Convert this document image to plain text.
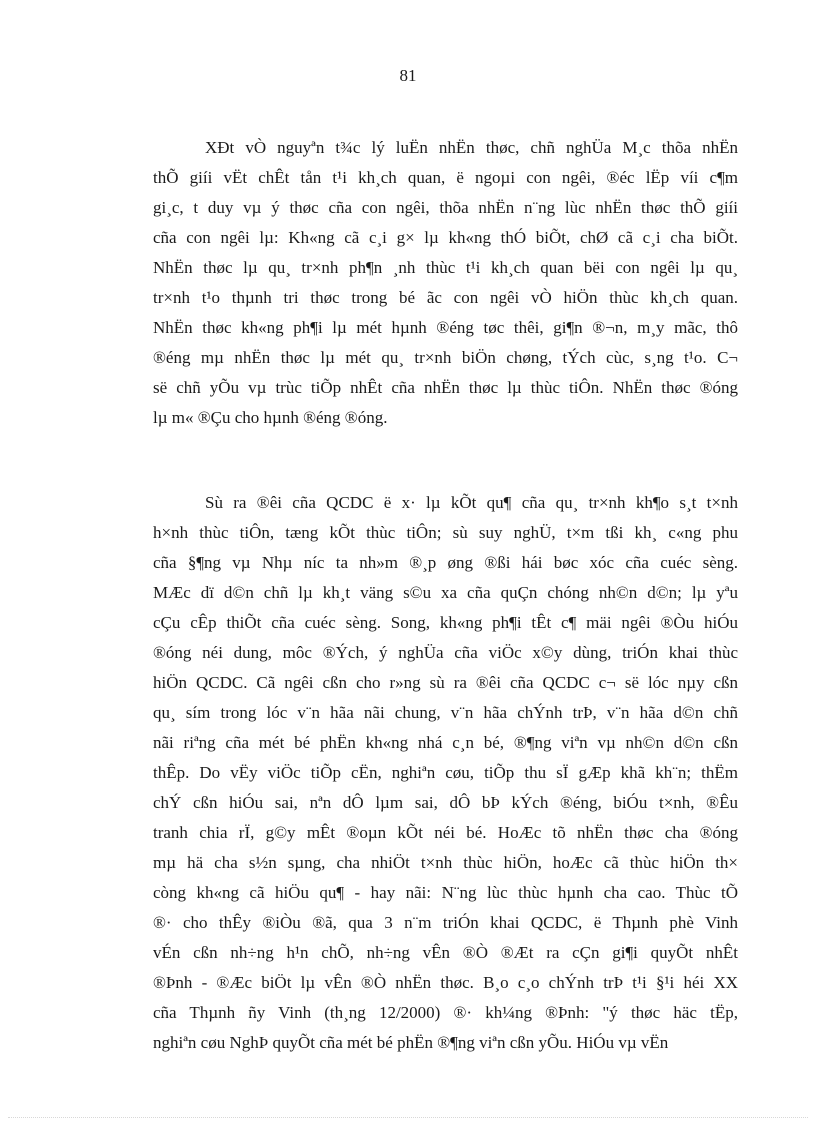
81
XĐt vÒ nguyªn t¾c lý luËn nhËn thøc, chñ nghÜa M¸c thõa nhËn
thÕ giíi vËt chÊt tån t¹i kh¸ch quan, ë ngoµi con ngêi, ®éc lËp víi c¶m
gi¸c, t duy vµ ý thøc cña con ngêi, thõa nhËn n¨ng lùc nhËn thøc thÕ giíi
cña con ngêi lµ: Kh«ng cã c¸i g× lµ kh«ng thÓ biÕt, chØ cã c¸i cha biÕt.
NhËn thøc lµ qu¸ tr×nh ph¶n ¸nh thùc t¹i kh¸ch quan bëi con ngêi lµ qu¸
tr×nh t¹o thµnh tri thøc trong bé ãc con ngêi vÒ hiÖn thùc kh¸ch quan.
NhËn thøc kh«ng ph¶i lµ mét hµnh ®éng tøc thêi, gi¶n ®¬n, m¸y mãc, thô
®éng mµ nhËn thøc lµ mét qu¸ tr×nh biÖn chøng, tÝch cùc, s¸ng t¹o. C¬
së chñ yÕu vµ trùc tiÕp nhÊt cña nhËn thøc lµ thùc tiÔn. NhËn thøc ®óng
lµ m« ®Çu cho hµnh ®éng ®óng.
Sù ra ®êi cña QCDC ë x· lµ kÕt qu¶ cña qu¸ tr×nh kh¶o s¸t t×nh
h×nh thùc tiÔn, tæng kÕt thùc tiÔn; sù suy nghÜ, t×m tßi kh¸ c«ng phu
cña §¶ng vµ Nhµ níc ta nh»m ®¸p øng ®ßi hái bøc xóc cña cuéc sèng.
MÆc dï d©n chñ lµ kh¸t väng s©u xa cña quÇn chóng nh©n d©n; lµ yªu
cÇu cÊp thiÕt cña cuéc sèng. Song, kh«ng ph¶i tÊt c¶ mäi ngêi ®Òu hiÓu
®óng néi dung, môc ®Ých, ý nghÜa cña viÖc x©y dùng, triÓn khai thùc
hiÖn QCDC. Cã ngêi cßn cho r»ng sù ra ®êi cña QCDC c¬ së lóc nµy cßn
qu¸ sím trong lóc v¨n hãa nãi chung, v¨n hãa chÝnh trÞ, v¨n hãa d©n chñ
nãi riªng cña mét bé phËn kh«ng nhá c¸n bé, ®¶ng viªn vµ nh©n d©n cßn
thÊp. Do vËy viÖc tiÕp cËn, nghiªn cøu, tiÕp thu sÏ gÆp khã kh¨n; thËm
chÝ cßn hiÓu sai, nªn dÔ lµm sai, dÔ bÞ kÝch ®éng, biÓu t×nh, ®Êu
tranh chia rÏ, g©y mÊt ®oµn kÕt néi bé. HoÆc tõ nhËn thøc cha ®óng
mµ hä cha s½n sµng, cha nhiÖt t×nh thùc hiÖn, hoÆc cã thùc hiÖn th×
còng kh«ng cã hiÖu qu¶ - hay nãi: N¨ng lùc thùc hµnh cha cao. Thùc tÕ
®· cho thÊy ®iÒu ®ã, qua 3 n¨m triÓn khai QCDC, ë Thµnh phè Vinh
vÉn cßn nh÷ng h¹n chÕ, nh÷ng vÊn ®Ò ®Æt ra cÇn gi¶i quyÕt nhÊt
®Þnh - ®Æc biÖt lµ vÊn ®Ò nhËn thøc. B¸o c¸o chÝnh trÞ t¹i §¹i héi XX
cña Thµnh ñy Vinh (th¸ng 12/2000) ®· kh¼ng ®Þnh: "ý thøc häc tËp,
nghiªn cøu NghÞ quyÕt cña mét bé phËn ®¶ng viªn cßn yÕu. HiÓu vµ vËn
